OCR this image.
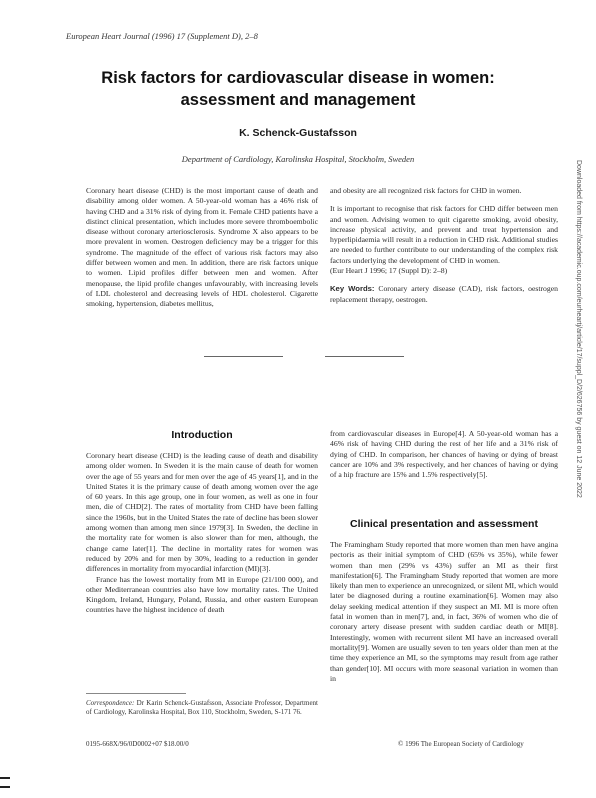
European Heart Journal (1996) 17 (Supplement D), 2–8
Risk factors for cardiovascular disease in women: assessment and management
K. Schenck-Gustafsson
Department of Cardiology, Karolinska Hospital, Stockholm, Sweden

Coronary heart disease (CHD) is the most important cause of death and disability among older women. A 50-year-old woman has a 46% risk of having CHD and a 31% risk of dying from it. Female CHD patients have a distinct clinical presentation, which includes more severe thromboembolic disease without coronary arteriosclerosis. Syndrome X also appears to be more prevalent in women. Oestrogen deficiency may be a trigger for this syndrome. The magnitude of the effect of various risk factors may also differ between women and men. In addition, there are risk factors unique to women. Lipid profiles differ between men and women. After menopause, the lipid profile changes unfavourably, with increasing levels of LDL cholesterol and decreasing levels of HDL cholesterol. Cigarette smoking, hypertension, diabetes mellitus,

and obesity are all recognized risk factors for CHD in women.

It is important to recognise that risk factors for CHD differ between men and women. Advising women to quit cigarette smoking, avoid obesity, increase physical activity, and prevent and treat hypertension and hyperlipidaemia will result in a reduction in CHD risk. Additional studies are needed to further contribute to our understanding of the complex risk factors underlying the development of CHD in women.

(Eur Heart J 1996; 17 (Suppl D): 2–8)

Key Words: Coronary artery disease (CAD), risk factors, oestrogen replacement therapy, oestrogen.

Introduction

Coronary heart disease (CHD) is the leading cause of death and disability among older women. In Sweden it is the main cause of death for women over the age of 55 years and for men over the age of 45 years[1], and in the United States it is the primary cause of death among women over the age of 60 years. In this age group, one in four women, as well as one in four men, die of CHD[2]. The rates of mortality from CHD have been falling since the 1960s, but in the United States the rate of decline has been slower among women than among men since 1979[3]. In Sweden, the decline in the mortality rate for women is also slower than for men, although, the change came later[1]. The decline in mortality rates for women was reduced by 20% and for men by 30%, leading to a reduction in gender differences in mortality from myocardial infarction (MI)[3].

France has the lowest mortality from MI in Europe (21/100 000), and other Mediterranean countries also have low mortality rates. The United Kingdom, Ireland, Hungary, Poland, Russia, and other eastern European countries have the highest incidence of death

from cardiovascular diseases in Europe[4]. A 50-year-old woman has a 46% risk of having CHD during the rest of her life and a 31% risk of dying of CHD. In comparison, her chances of having or dying of breast cancer are 10% and 3% respectively, and her chances of having or dying of a hip fracture are 15% and 1.5% respectively[5].

Clinical presentation and assessment

The Framingham Study reported that more women than men have angina pectoris as their initial symptom of CHD (65% vs 35%), while fewer women than men (29% vs 43%) suffer an MI as their first manifestation[6]. The Framingham Study reported that women are more likely than men to experience an unrecognized, or silent MI, which would later be diagnosed during a routine examination[6]. Women may also delay seeking medical attention if they suspect an MI. MI is more often fatal in women than in men[7], and, in fact, 36% of women who die of coronary artery disease present with sudden cardiac death or MI[8]. Interestingly, women with recurrent silent MI have an increased overall mortality[9]. Women are usually seven to ten years older than men at the time they experience an MI, so the symptoms may result from age rather than gender[10]. MI occurs with more seasonal variation in women than in

Correspondence: Dr Karin Schenck-Gustafsson, Associate Professor, Department of Cardiology, Karolinska Hospital, Box 110, Stockholm, Sweden, S-171 76.
0195-668X/96/0D0002+07 $18.00/0	© 1996 The European Society of Cardiology
Downloaded from https://academic.oup.com/eurheartj/article/17/suppl_D/2/626756 by guest on 12 June 2022
